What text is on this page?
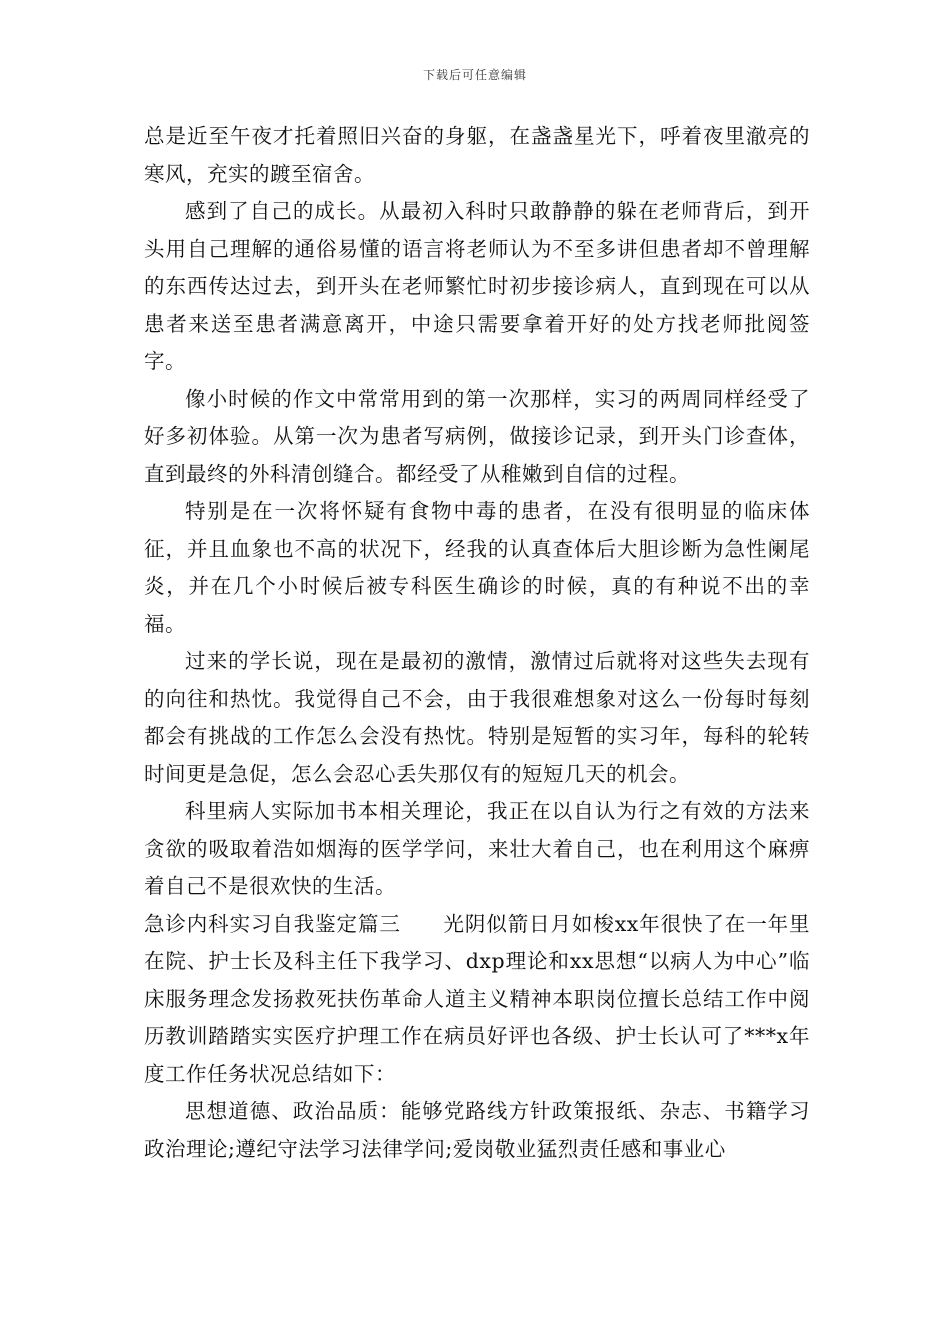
下载后可任意编辑

总是近至午夜才托着照旧兴奋的身躯，在盏盏星光下，呼着夜里澈亮的寒风，充实的踱至宿舍。

感到了自己的成长。从最初入科时只敢静静的躲在老师背后，到开头用自己理解的通俗易懂的语言将老师认为不至多讲但患者却不曾理解的东西传达过去，到开头在老师繁忙时初步接诊病人，直到现在可以从患者来送至患者满意离开，中途只需要拿着开好的处方找老师批阅签字。

像小时候的作文中常常用到的第一次那样，实习的两周同样经受了好多初体验。从第一次为患者写病例，做接诊记录，到开头门诊查体，直到最终的外科清创缝合。都经受了从稚嫩到自信的过程。

特别是在一次将怀疑有食物中毒的患者，在没有很明显的临床体征，并且血象也不高的状况下，经我的认真查体后大胆诊断为急性阑尾炎，并在几个小时候后被专科医生确诊的时候，真的有种说不出的幸福。

过来的学长说，现在是最初的激情，激情过后就将对这些失去现有的向往和热忱。我觉得自己不会，由于我很难想象对这么一份每时每刻都会有挑战的工作怎么会没有热忱。特别是短暂的实习年，每科的轮转时间更是急促，怎么会忍心丢失那仅有的短短几天的机会。

科里病人实际加书本相关理论，我正在以自认为行之有效的方法来贪欲的吸取着浩如烟海的医学学问，来壮大着自己，也在利用这个麻痹着自己不是很欢快的生活。

急诊内科实习自我鉴定篇三　　光阴似箭日月如梭xx年很快了在一年里在院、护士长及科主任下我学习、dxp理论和xx思想“以病人为中心”临床服务理念发扬救死扶伤革命人道主义精神本职岗位擅长总结工作中阅历教训踏踏实实医疗护理工作在病员好评也各级、护士长认可了***x年度工作任务状况总结如下：

思想道德、政治品质：能够党路线方针政策报纸、杂志、书籍学习政治理论;遵纪守法学习法律学问;爱岗敬业猛烈责任感和事业心
